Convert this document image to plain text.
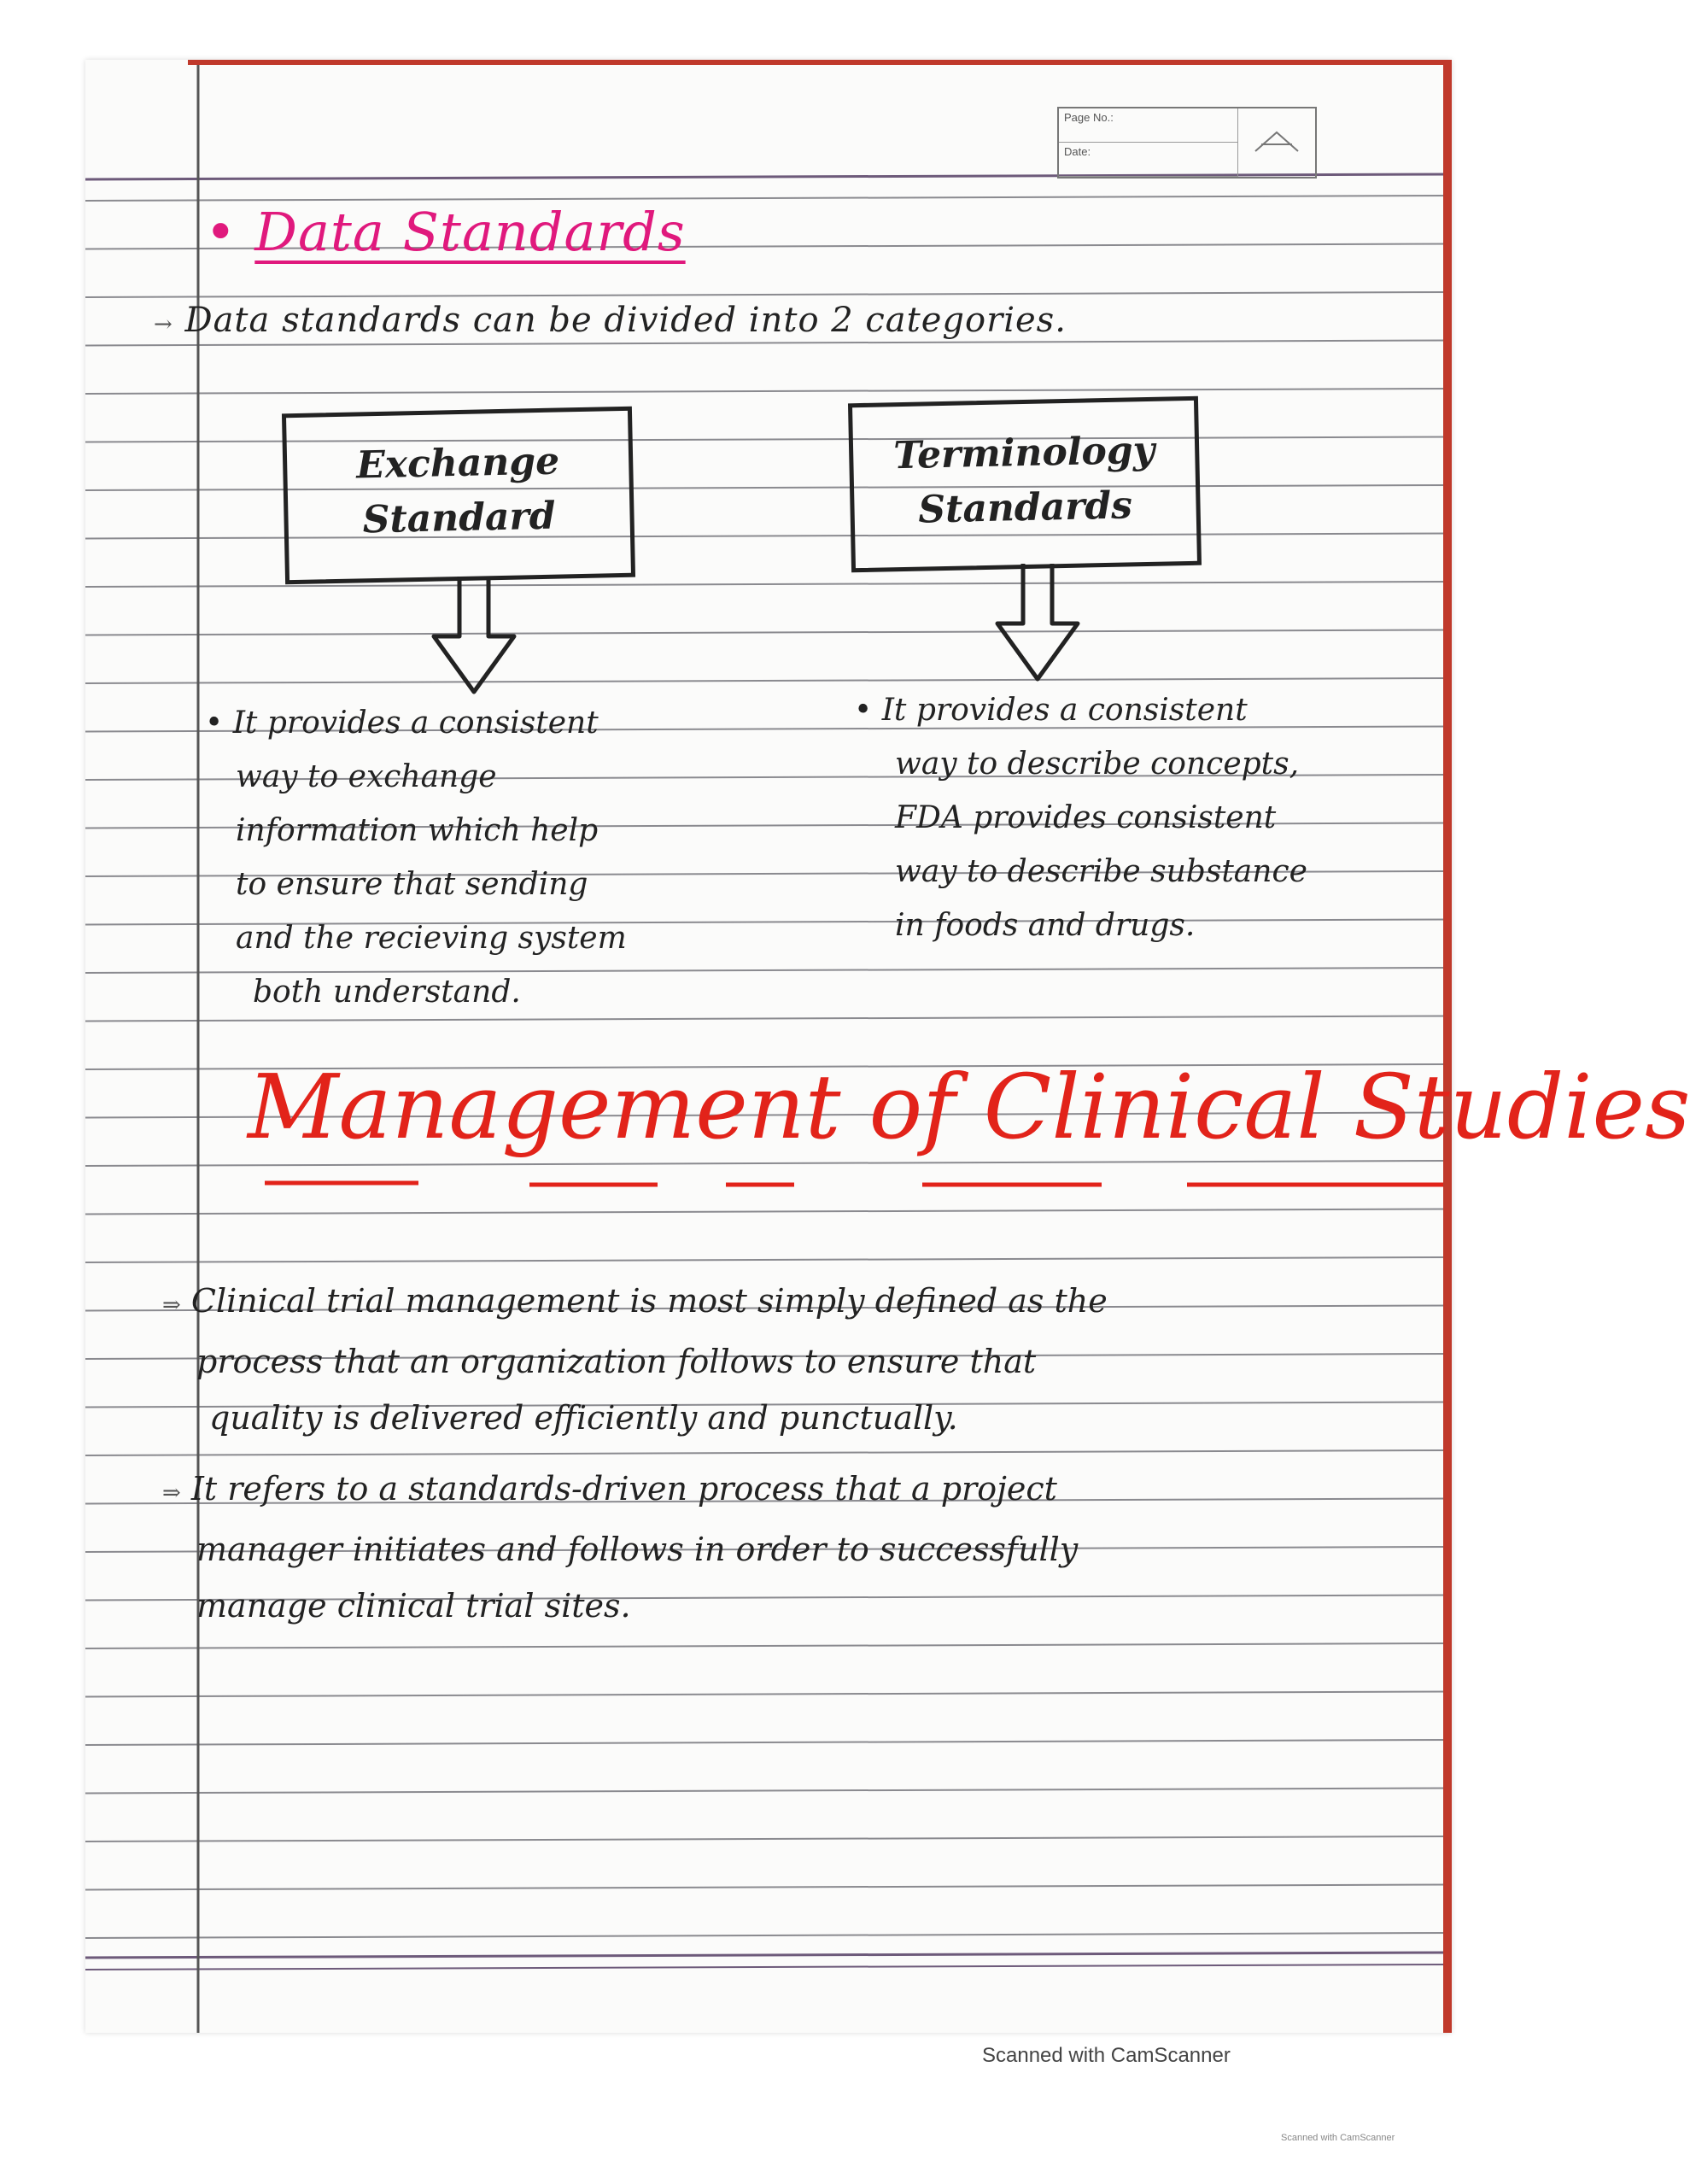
Page No.:
Date:
• Data Standards
→ Data standards can be divided into 2 categories.
Exchange
Standard
Terminology
Standards
• It provides a consistent
way to exchange
information which help
to ensure that sending
and the recieving system
both understand.
• It provides a consistent
way to describe concepts,
FDA provides consistent
way to describe substance
in foods and drugs.
Management of Clinical Studies
⇒ Clinical trial management is most simply defined as the
process that an organization follows to ensure that
quality is delivered efficiently and punctually.
⇒ It refers to a standards-driven process that a project
manager initiates and follows in order to successfully
manage clinical trial sites.
Scanned with CamScanner
Scanned with CamScanner
